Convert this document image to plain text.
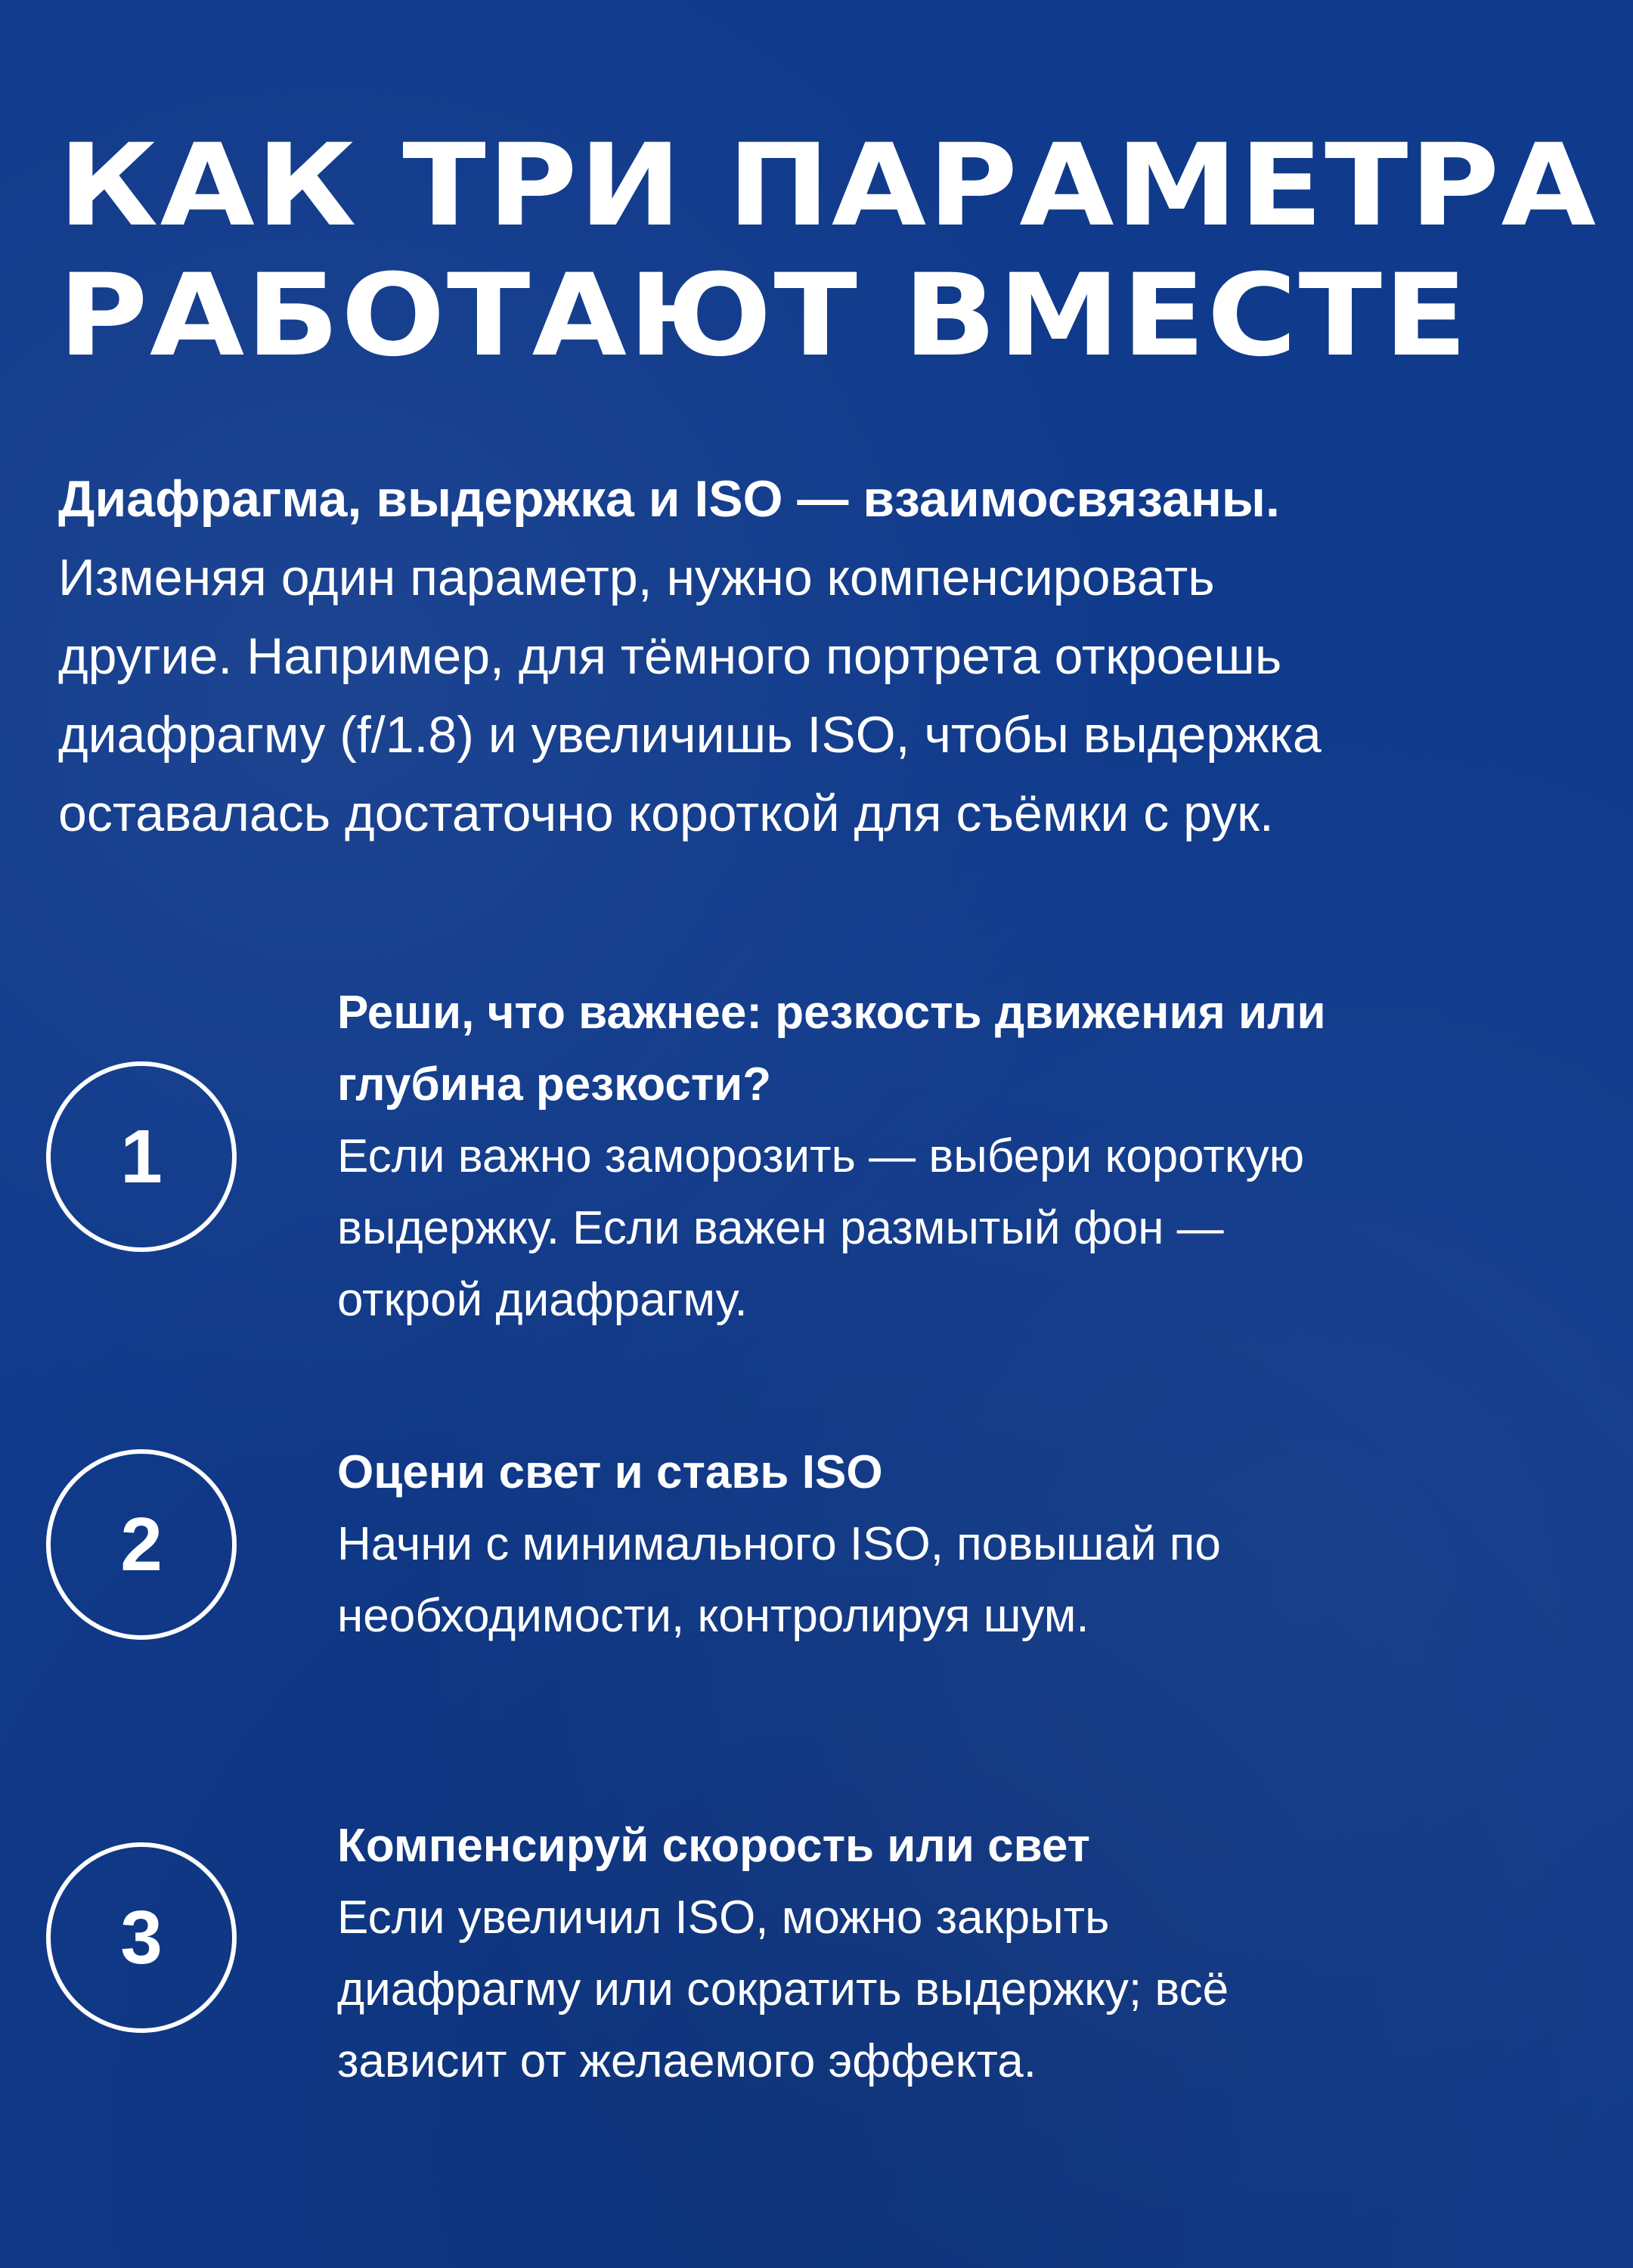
КАК ТРИ ПАРАМЕТРА
РАБОТАЮТ ВМЕСТЕ
Диафрагма, выдержка и ISO — взаимосвязаны.
Изменяя один параметр, нужно компенсировать
другие. Например, для тёмного портрета откроешь
диафрагму (f/1.8) и увеличишь ISO, чтобы выдержка
оставалась достаточно короткой для съёмки с рук.
1
Реши, что важнее: резкость движения или
глубина резкости?
Если важно заморозить — выбери короткую
выдержку. Если важен размытый фон —
открой диафрагму.
2
Оцени свет и ставь ISO
Начни с минимального ISO, повышай по
необходимости, контролируя шум.
3
Компенсируй скорость или свет
Если увеличил ISO, можно закрыть
диафрагму или сократить выдержку; всё
зависит от желаемого эффекта.
